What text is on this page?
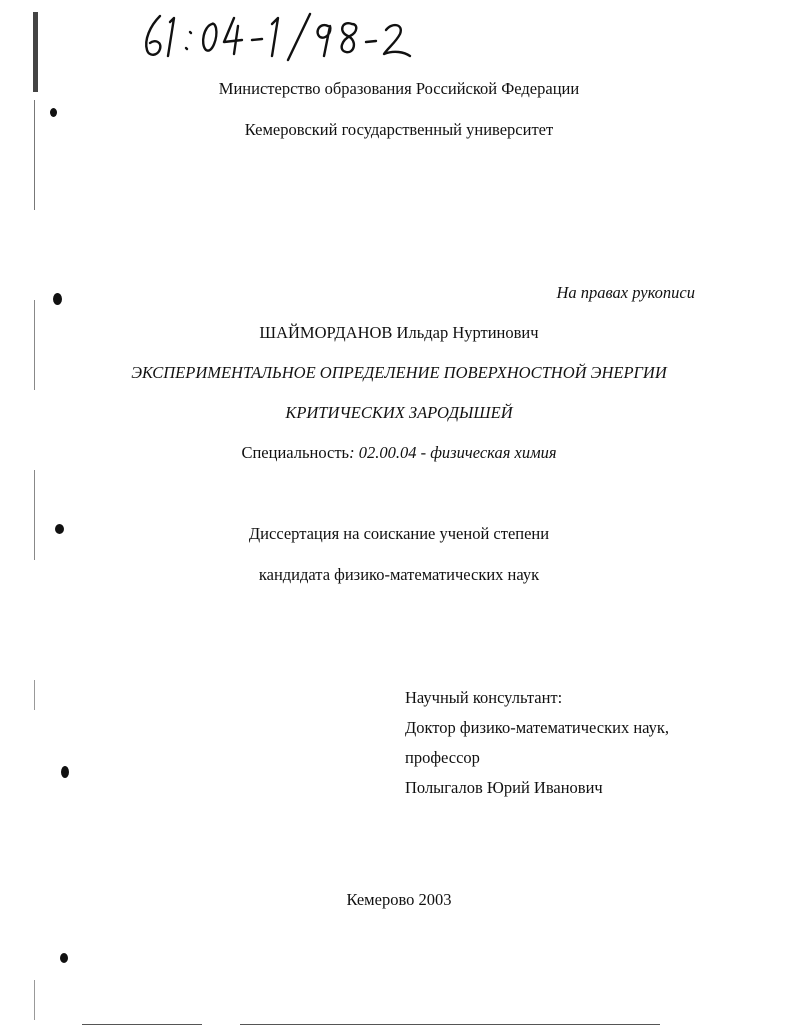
Министерство образования Российской Федерации
Кемеровский государственный университет
На правах рукописи
ШАЙМОРДАНОВ Ильдар Нуртинович
ЭКСПЕРИМЕНТАЛЬНОЕ ОПРЕДЕЛЕНИЕ ПОВЕРХНОСТНОЙ ЭНЕРГИИ
КРИТИЧЕСКИХ ЗАРОДЫШЕЙ
Специальность: 02.00.04 - физическая химия
Диссертация на соискание ученой степени
кандидата физико-математических наук
Научный консультант:
Доктор физико-математических наук,
профессор
Полыгалов Юрий Иванович
Кемерово 2003
